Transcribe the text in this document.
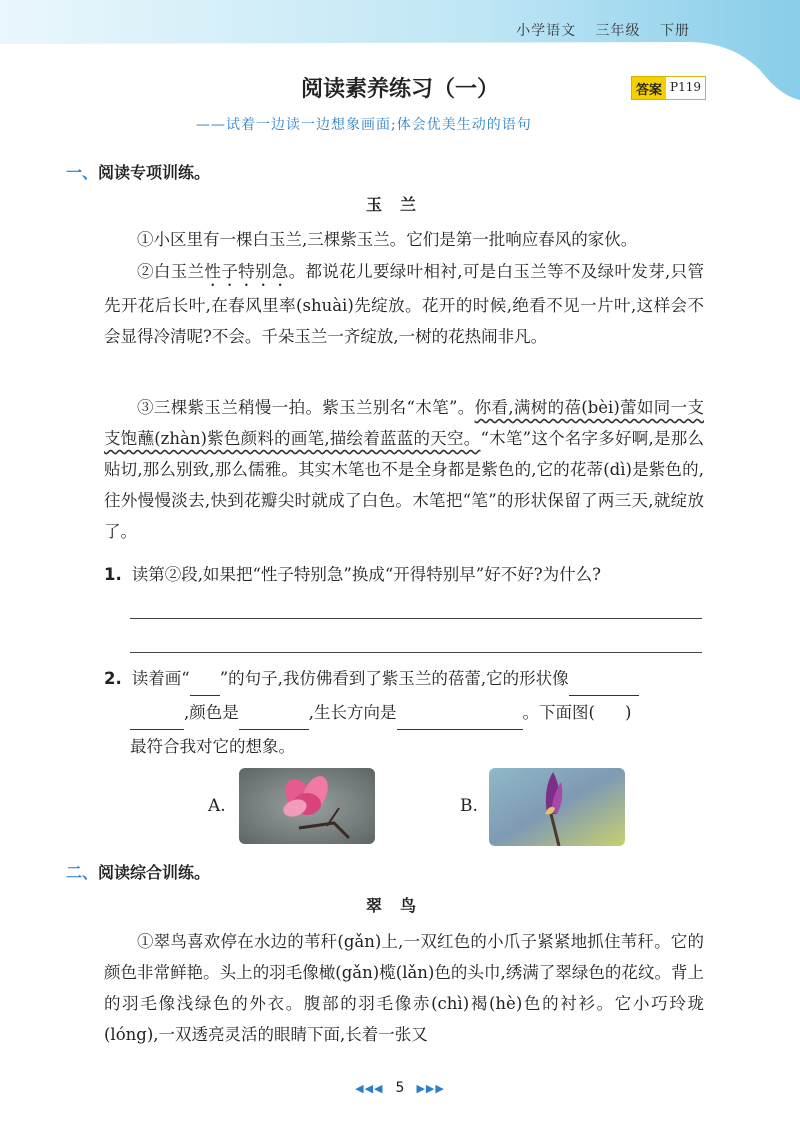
小学语文 三年级 下册
阅读素养练习（一）	答案 P119
——试着一边读一边想象画面;体会优美生动的语句
一、阅读专项训练。
玉兰
①小区里有一棵白玉兰,三棵紫玉兰。它们是第一批响应春风的家伙。
②白玉兰性子特别急。都说花儿要绿叶相衬,可是白玉兰等不及绿叶发芽,只管先开花后长叶,在春风里率(shuài)先绽放。花开的时候,绝看不见一片叶,这样会不会显得冷清呢?不会。千朵玉兰一齐绽放,一树的花热闹非凡。
③三棵紫玉兰稍慢一拍。紫玉兰别名“木笔”。你看,满树的蓓(bèi)蕾如同一支支饱蘸(zhàn)紫色颜料的画笔,描绘着蓝蓝的天空。“木笔”这个名字多好啊,是那么贴切,那么别致,那么儒雅。其实木笔也不是全身都是紫色的,它的花蒂(dì)是紫色的,往外慢慢淡去,快到花瓣尖时就成了白色。木笔把“笔”的形状保留了两三天,就绽放了。
1. 读第②段,如果把“性子特别急”换成“开得特别早”好不好?为什么?
2. 读着画“ ”的句子,我仿佛看到了紫玉兰的蓓蕾,它的形状像
,颜色是	,生长方向是	。下面图( )
最符合我对它的想象。
A.	B.
二、阅读综合训练。
翠鸟
①翠鸟喜欢停在水边的苇秆(gǎn)上,一双红色的小爪子紧紧地抓住苇秆。它的颜色非常鲜艳。头上的羽毛像橄(gǎn)榄(lǎn)色的头巾,绣满了翠绿色的花纹。背上的羽毛像浅绿色的外衣。腹部的羽毛像赤(chì)褐(hè)色的衬衫。它小巧玲珑(lóng),一双透亮灵活的眼睛下面,长着一张又
◀◀◀ 5 ▶▶▶
